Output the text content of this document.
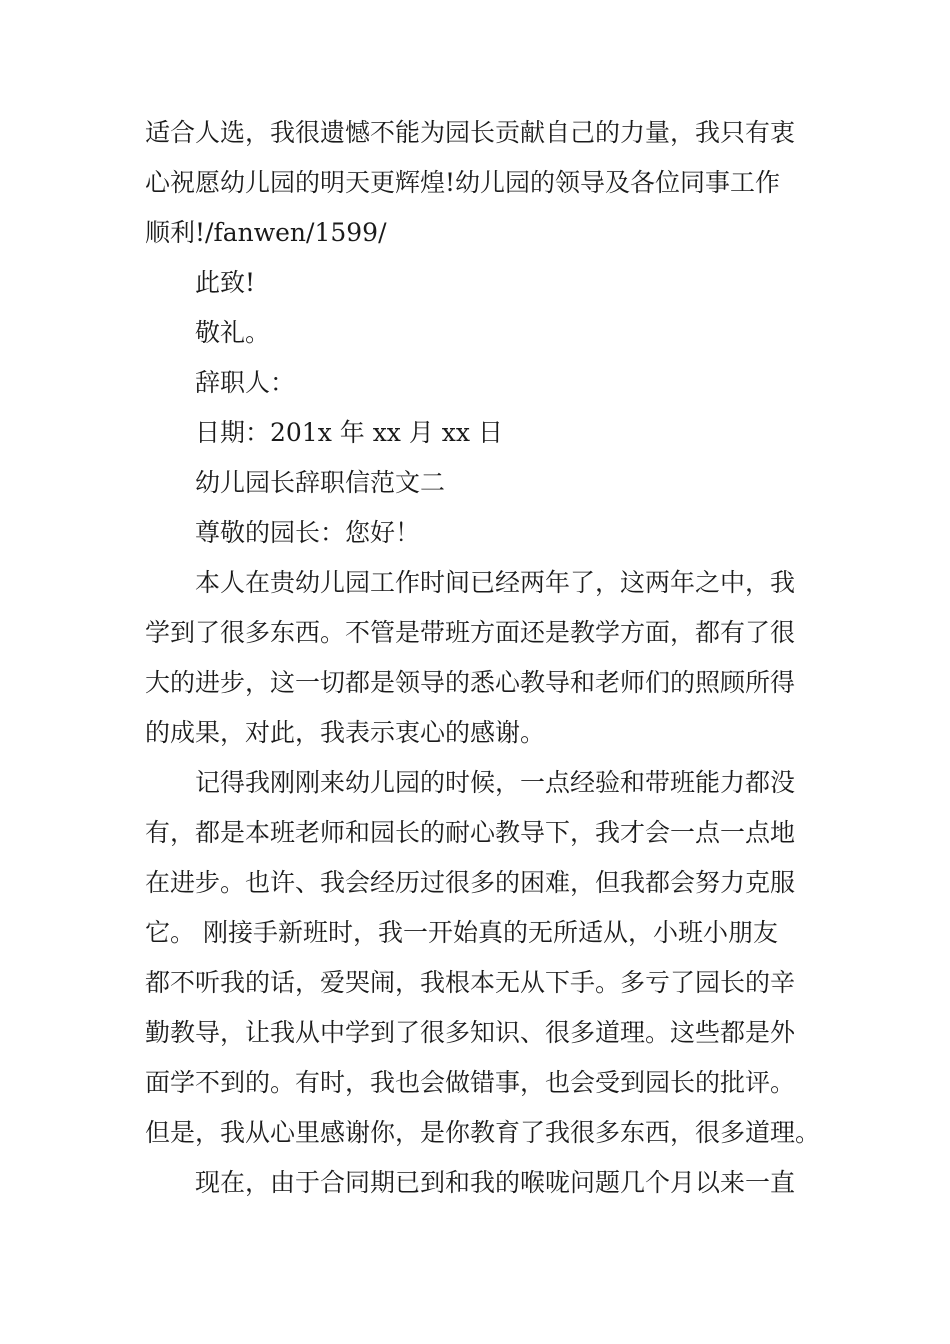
适合人选，我很遗憾不能为园长贡献自己的力量，我只有衷
心祝愿幼儿园的明天更辉煌!幼儿园的领导及各位同事工作
顺利!/fanwen/1599/

此致!

敬礼。

辞职人：

日期：201x 年 xx 月 xx 日

幼儿园长辞职信范文二

尊敬的园长：您好！

本人在贵幼儿园工作时间已经两年了，这两年之中，我
学到了很多东西。不管是带班方面还是教学方面，都有了很
大的进步，这一切都是领导的悉心教导和老师们的照顾所得
的成果，对此，我表示衷心的感谢。

记得我刚刚来幼儿园的时候，一点经验和带班能力都没
有，都是本班老师和园长的耐心教导下，我才会一点一点地
在进步。也许、我会经历过很多的困难，但我都会努力克服
它。 刚接手新班时，我一开始真的无所适从，小班小朋友
都不听我的话，爱哭闹，我根本无从下手。多亏了园长的辛
勤教导，让我从中学到了很多知识、很多道理。这些都是外
面学不到的。有时，我也会做错事，也会受到园长的批评。
但是，我从心里感谢你，是你教育了我很多东西，很多道理。

现在，由于合同期已到和我的喉咙问题几个月以来一直
